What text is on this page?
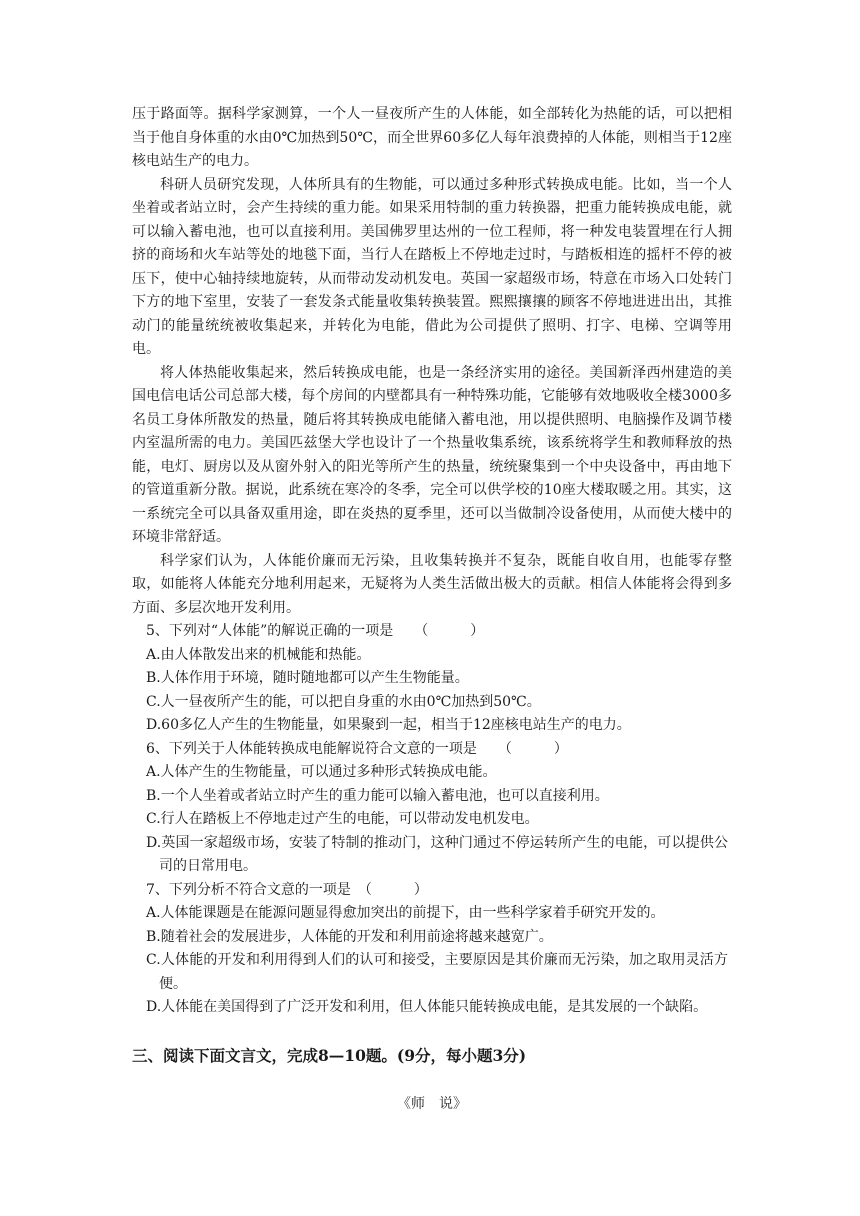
压于路面等。据科学家测算，一个人一昼夜所产生的人体能，如全部转化为热能的话，可以把相当于他自身体重的水由0℃加热到50℃，而全世界60多亿人每年浪费掉的人体能，则相当于12座核电站生产的电力。

科研人员研究发现，人体所具有的生物能，可以通过多种形式转换成电能。比如，当一个人坐着或者站立时，会产生持续的重力能。如果采用特制的重力转换器，把重力能转换成电能，就可以输入蓄电池，也可以直接利用。美国佛罗里达州的一位工程师，将一种发电装置埋在行人拥挤的商场和火车站等处的地毯下面，当行人在踏板上不停地走过时，与踏板相连的摇杆不停的被压下，使中心轴持续地旋转，从而带动发动机发电。英国一家超级市场，特意在市场入口处转门下方的地下室里，安装了一套发条式能量收集转换装置。熙熙攘攘的顾客不停地进进出出，其推动门的能量统统被收集起来，并转化为电能，借此为公司提供了照明、打字、电梯、空调等用电。

将人体热能收集起来，然后转换成电能，也是一条经济实用的途径。美国新泽西州建造的美国电信电话公司总部大楼，每个房间的内壁都具有一种特殊功能，它能够有效地吸收全楼3000多名员工身体所散发的热量，随后将其转换成电能储入蓄电池，用以提供照明、电脑操作及调节楼内室温所需的电力。美国匹兹堡大学也设计了一个热量收集系统，该系统将学生和教师释放的热能，电灯、厨房以及从窗外射入的阳光等所产生的热量，统统聚集到一个中央设备中，再由地下的管道重新分散。据说，此系统在寒冷的冬季，完全可以供学校的10座大楼取暖之用。其实，这一系统完全可以具备双重用途，即在炎热的夏季里，还可以当做制冷设备使用，从而使大楼中的环境非常舒适。

科学家们认为，人体能价廉而无污染，且收集转换并不复杂，既能自收自用，也能零存整取，如能将人体能充分地利用起来，无疑将为人类生活做出极大的贡献。相信人体能将会得到多方面、多层次地开发利用。

5、下列对“人体能”的解说正确的一项是　　（　　　）

A.由人体散发出来的机械能和热能。

B.人体作用于环境，随时随地都可以产生生物能量。

C.人一昼夜所产生的能，可以把自身重的水由0℃加热到50℃。

D.60多亿人产生的生物能量，如果聚到一起，相当于12座核电站生产的电力。

6、下列关于人体能转换成电能解说符合文意的一项是　　（　　　）

A.人体产生的生物能量，可以通过多种形式转换成电能。

B.一个人坐着或者站立时产生的重力能可以输入蓄电池，也可以直接利用。

C.行人在踏板上不停地走过产生的电能，可以带动发电机发电。

D.英国一家超级市场，安装了特制的推动门，这种门通过不停运转所产生的电能，可以提供公司的日常用电。

7、下列分析不符合文意的一项是　（　　　）

A.人体能课题是在能源问题显得愈加突出的前提下，由一些科学家着手研究开发的。

B.随着社会的发展进步，人体能的开发和利用前途将越来越宽广。

C.人体能的开发和利用得到人们的认可和接受，主要原因是其价廉而无污染，加之取用灵活方便。

D.人体能在美国得到了广泛开发和利用，但人体能只能转换成电能，是其发展的一个缺陷。

三、阅读下面文言文，完成8—10题。(9分，每小题3分)

《师　说》
